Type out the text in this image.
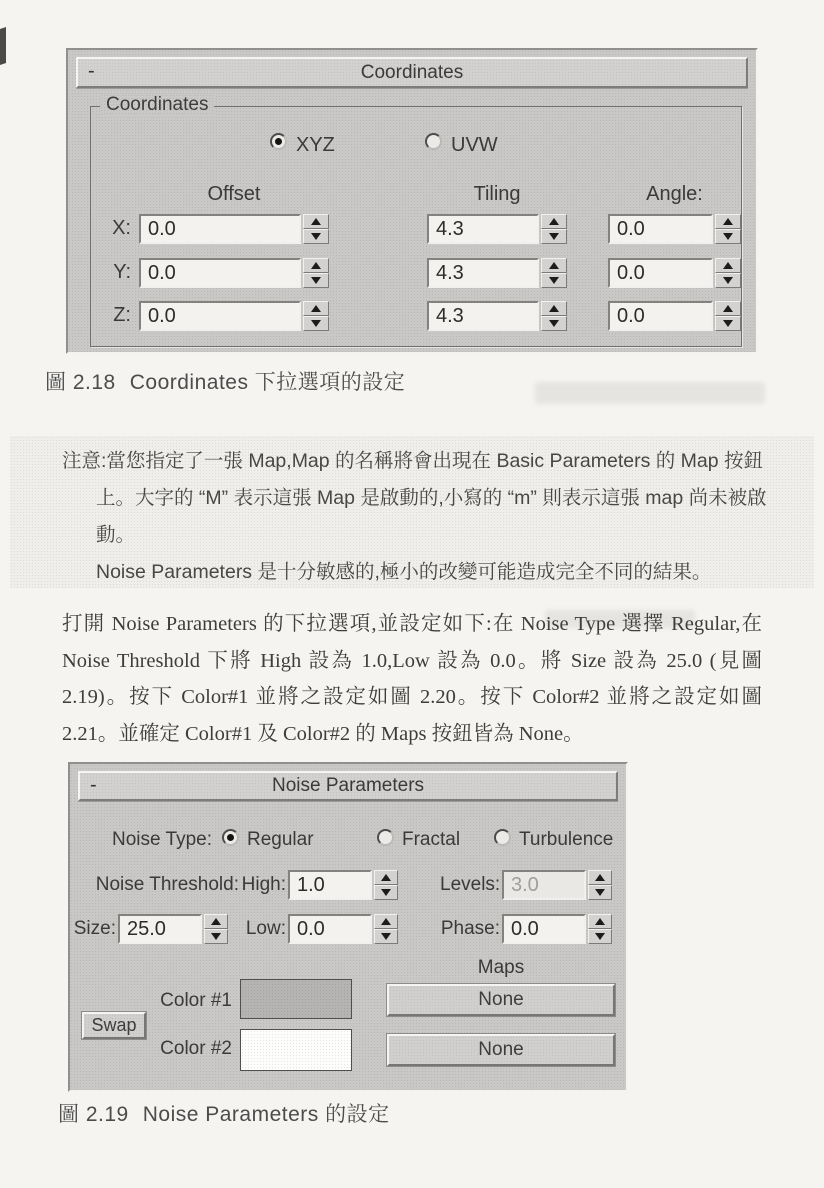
-	Coordinates
Coordinates
XYZ	UVW
Offset	Tiling	Angle:
X: 0.0	4.3	0.0
Y: 0.0	4.3	0.0
Z: 0.0	4.3	0.0
圖 2.18 Coordinates 下拉選項的設定

注意:當您指定了一張 Map,Map 的名稱將會出現在 Basic Parameters 的 Map 按鈕上。大字的 “M” 表示這張 Map 是啟動的,小寫的 “m” 則表示這張 map 尚未被啟動。

Noise Parameters 是十分敏感的,極小的改變可能造成完全不同的結果。

打開 Noise Parameters 的下拉選項,並設定如下:在 Noise Type 選擇 Regular,在 Noise Threshold 下將 High 設為 1.0,Low 設為 0.0。將 Size 設為 25.0 (見圖 2.19)。按下 Color#1 並將之設定如圖 2.20。按下 Color#2 並將之設定如圖 2.21。並確定 Color#1 及 Color#2 的 Maps 按鈕皆為 None。

-	Noise Parameters
Noise Type: Regular	Fractal	Turbulence
Noise Threshold: High: 1.0	Levels: 3.0
Size: 25.0	Low: 0.0	Phase: 0.0
Maps
Color #1	None
Swap
Color #2	None
圖 2.19 Noise Parameters 的設定
